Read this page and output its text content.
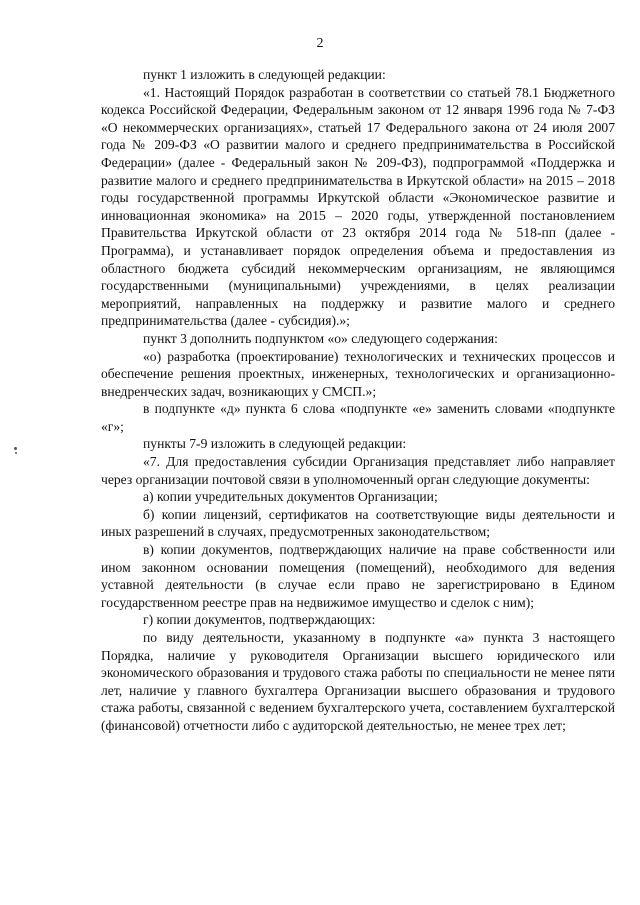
2

пункт 1 изложить в следующей редакции:

«1. Настоящий Порядок разработан в соответствии со статьей 78.1 Бюджетного кодекса Российской Федерации, Федеральным законом от 12 января 1996 года № 7-ФЗ «О некоммерческих организациях», статьей 17 Федерального закона от 24 июля 2007 года № 209-ФЗ «О развитии малого и среднего предпринимательства в Российской Федерации» (далее - Федеральный закон № 209-ФЗ), подпрограммой «Поддержка и развитие малого и среднего предпринимательства в Иркутской области» на 2015 – 2018 годы государственной программы Иркутской области «Экономическое развитие и инновационная экономика» на 2015 – 2020 годы, утвержденной постановлением Правительства Иркутской области от 23 октября 2014 года № 518-пп (далее - Программа), и устанавливает порядок определения объема и предоставления из областного бюджета субсидий некоммерческим организациям, не являющимся государственными (муниципальными) учреждениями, в целях реализации мероприятий, направленных на поддержку и развитие малого и среднего предпринимательства (далее - субсидия).»;

пункт 3 дополнить подпунктом «о» следующего содержания:

«о) разработка (проектирование) технологических и технических процессов и обеспечение решения проектных, инженерных, технологических и организационно-внедренческих задач, возникающих у СМСП.»;

в подпункте «д» пункта 6 слова «подпункте «е» заменить словами «подпункте «г»;

пункты 7-9 изложить в следующей редакции:

«7. Для предоставления субсидии Организация представляет либо направляет через организации почтовой связи в уполномоченный орган следующие документы:

а) копии учредительных документов Организации;

б) копии лицензий, сертификатов на соответствующие виды деятельности и иных разрешений в случаях, предусмотренных законодательством;

в) копии документов, подтверждающих наличие на праве собственности или ином законном основании помещения (помещений), необходимого для ведения уставной деятельности (в случае если право не зарегистрировано в Едином государственном реестре прав на недвижимое имущество и сделок с ним);

г) копии документов, подтверждающих:

по виду деятельности, указанному в подпункте «а» пункта 3 настоящего Порядка, наличие у руководителя Организации высшего юридического или экономического образования и трудового стажа работы по специальности не менее пяти лет, наличие у главного бухгалтера Организации высшего образования и трудового стажа работы, связанной с ведением бухгалтерского учета, составлением бухгалтерской (финансовой) отчетности либо с аудиторской деятельностью, не менее трех лет;
